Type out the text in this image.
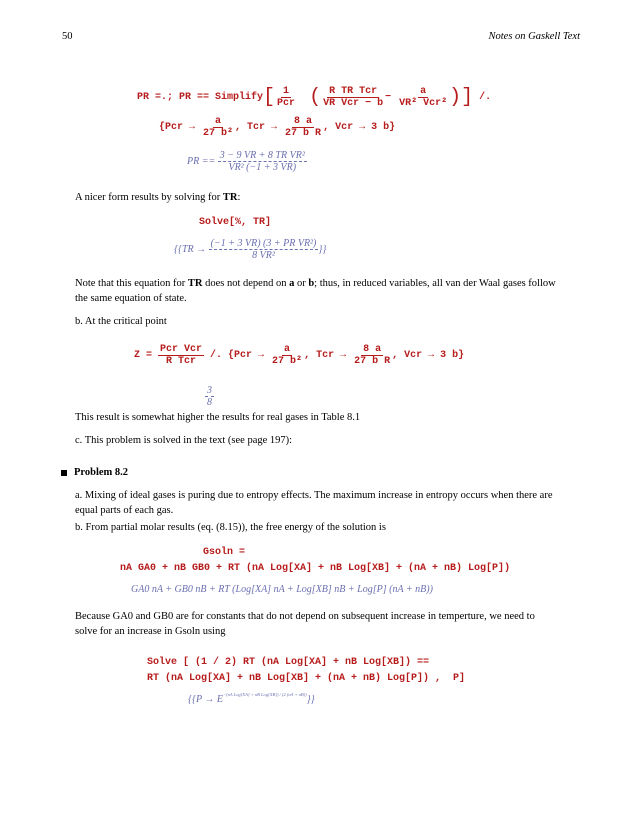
50	Notes on Gaskell Text
PR =.; PR == Simplify [ $\frac{1}{\text{Pcr}}$ ( $\frac{\text{R TR Tcr}}{\text{VR Vcr − b}}$ −
$\frac{a}{\text{VR² Vcr²}}$ )] /.
{$Pcr \to \frac{a}{\text{27 b²}}$ , Tcr → $\frac{8 a}{\text{27 b R}}$ , Vcr → 3 b}
PR == $\frac{\text{3 − 9 VR + 8 TR VR²}}{\text{VR² (−1 + 3 VR)}}$
A nicer form results by solving for TR:
Solve[%, TR]
{{$TR \to \frac{\text{(−1 + 3 VR) (3 + PR VR²)}}{\text{8 VR²}}$ }}
Note that this equation for TR does not depend on a or b; thus, in reduced variables, all van der Waal gases follow
the same equation of state.
b. At the critical point
$Z = \frac{\text{Pcr Vcr}}{\text{R Tcr}}$ /. {$Pcr \to \frac{a}{\text{27 b²}}$ , Tcr → $\frac{8 a}{\text{27 b R}}$ , Vcr → 3 b}

$\frac{3}{8}$

This result is somewhat higher the results for real gases in Table 8.1
c. This problem is solved in the text (see page 197):
Problem 8.2
a. Mixing of ideal gases is puring due to entropy effects. The maximum increase in entropy occurs when there are
equal parts of each gas.
b. From partial molar results (eq. (8.15)), the free energy of the solution is
Gsoln =
nA GA0 + nB GB0 + RT (nA Log[XA] + nB Log[XB] + (nA + nB) Log[P])
GA0 nA + GB0 nB + RT (Log[XA] nA + Log[XB] nB + Log[P] (nA + nB))
Because GA0 and GB0 are for constants that do not depend on subsequent increase in temperture, we need to
solve for an increase in Gsoln using
Solve [ (1 / 2) RT (nA Log[XA] + nB Log[XB]) ==
RT (nA Log[XA] + nB Log[XB] + (nA + nB) Log[P]) ,  P]
{{$P \to E^{-(nA Log[XA] + nB Log[XB]) / (2 (nA + nB))}$ }}
